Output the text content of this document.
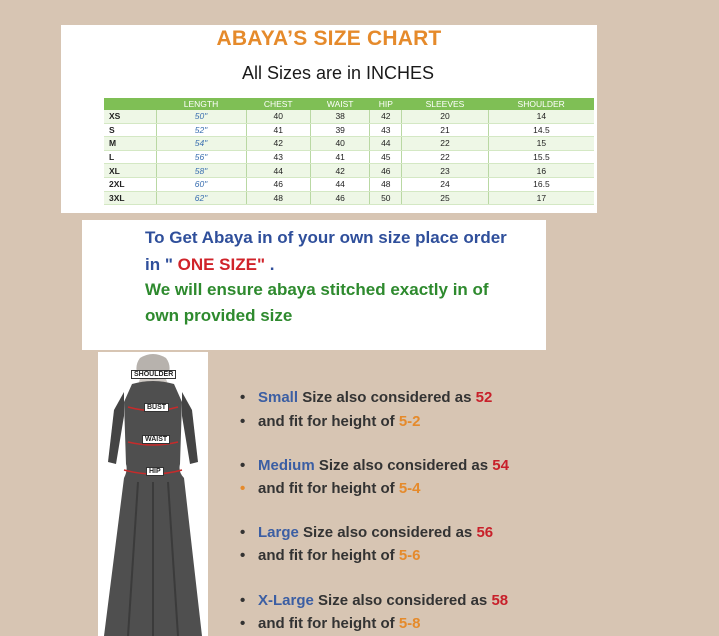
ABAYA’S SIZE CHART
All Sizes are in INCHES
	LENGTH	CHEST	WAIST	HIP	SLEEVES	SHOULDER
XS	50"	40	38	42	20	14
S	52"	41	39	43	21	14.5
M	54"	42	40	44	22	15
L	56"	43	41	45	22	15.5
XL	58"	44	42	46	23	16
2XL	60"	46	44	48	24	16.5
3XL	62"	48	46	50	25	17
To Get Abaya in of your own size place order
in " ONE SIZE" .
We will ensure abaya stitched exactly in of
own provided size
SHOULDER
BUST
WAIST
HIP
• Small Size also considered as 52
• and fit for height of 5-2
• Medium Size also considered as 54
• and fit for height of 5-4
• Large Size also considered as 56
• and fit for height of 5-6
• X-Large Size also considered as 58
• and fit for height of 5-8
